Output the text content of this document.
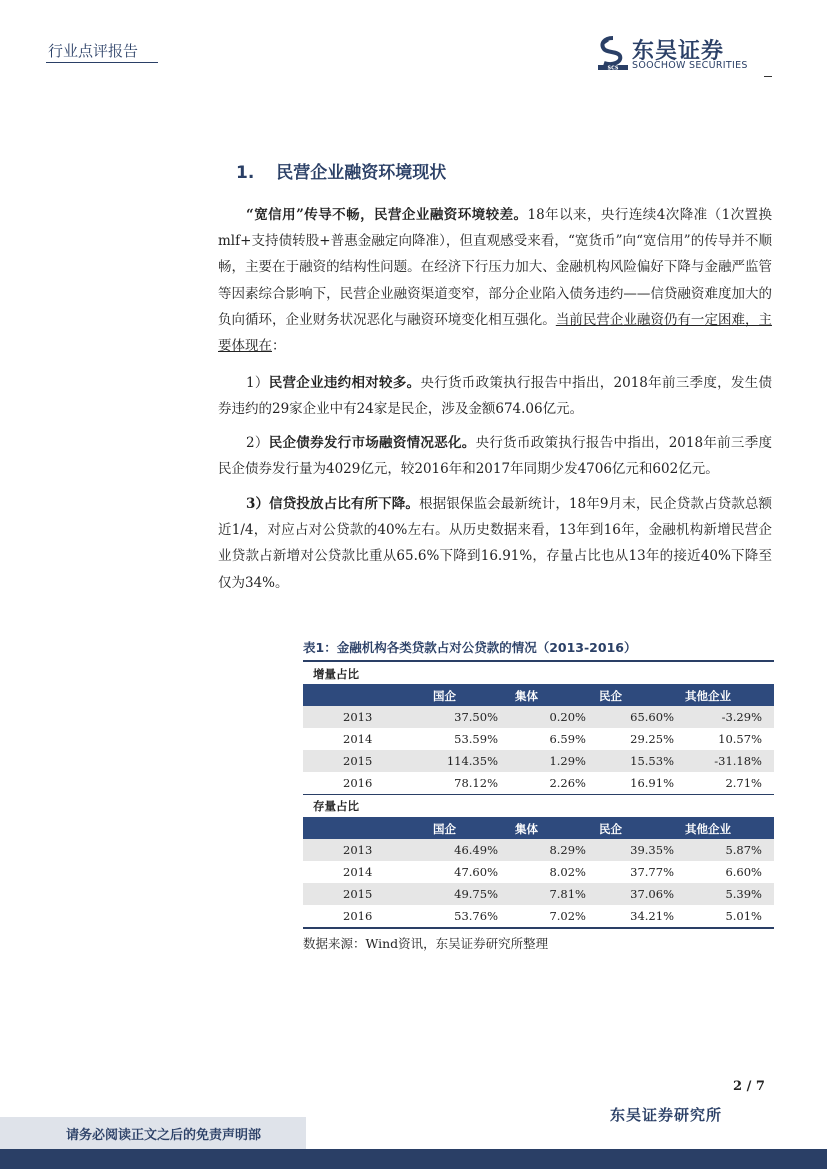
行业点评报告
SCS
东吴证券
SOOCHOW SECURITIES
1. 民营企业融资环境现状
“宽信用”传导不畅，民营企业融资环境较差。18年以来，央行连续4次降准（1次置换mlf+支持债转股+普惠金融定向降准），但直观感受来看，“宽货币”向“宽信用”的传导并不顺畅，主要在于融资的结构性问题。在经济下行压力加大、金融机构风险偏好下降与金融严监管等因素综合影响下，民营企业融资渠道变窄，部分企业陷入债务违约——信贷融资难度加大的负向循环，企业财务状况恶化与融资环境变化相互强化。当前民营企业融资仍有一定困难，主要体现在：
1）民营企业违约相对较多。央行货币政策执行报告中指出，2018年前三季度，发生债券违约的29家企业中有24家是民企，涉及金额674.06亿元。
2）民企债券发行市场融资情况恶化。央行货币政策执行报告中指出，2018年前三季度民企债券发行量为4029亿元，较2016年和2017年同期少发4706亿元和602亿元。
3）信贷投放占比有所下降。根据银保监会最新统计，18年9月末，民企贷款占贷款总额近1/4，对应占对公贷款的40%左右。从历史数据来看，13年到16年，金融机构新增民营企业贷款占新增对公贷款比重从65.6%下降到16.91%，存量占比也从13年的接近40%下降至仅为34%。
表1：金融机构各类贷款占对公贷款的情况（2013-2016）
增量占比
国企	集体	民企	其他企业
2013	37.50%	0.20%	65.60%	-3.29%
2014	53.59%	6.59%	29.25%	10.57%
2015	114.35%	1.29%	15.53%	-31.18%
2016	78.12%	2.26%	16.91%	2.71%
存量占比
国企	集体	民企	其他企业
2013	46.49%	8.29%	39.35%	5.87%
2014	47.60%	8.02%	37.77%	6.60%
2015	49.75%	7.81%	37.06%	5.39%
2016	53.76%	7.02%	34.21%	5.01%
数据来源：Wind资讯，东吴证券研究所整理
2 / 7
东吴证券研究所
请务必阅读正文之后的免责声明部
